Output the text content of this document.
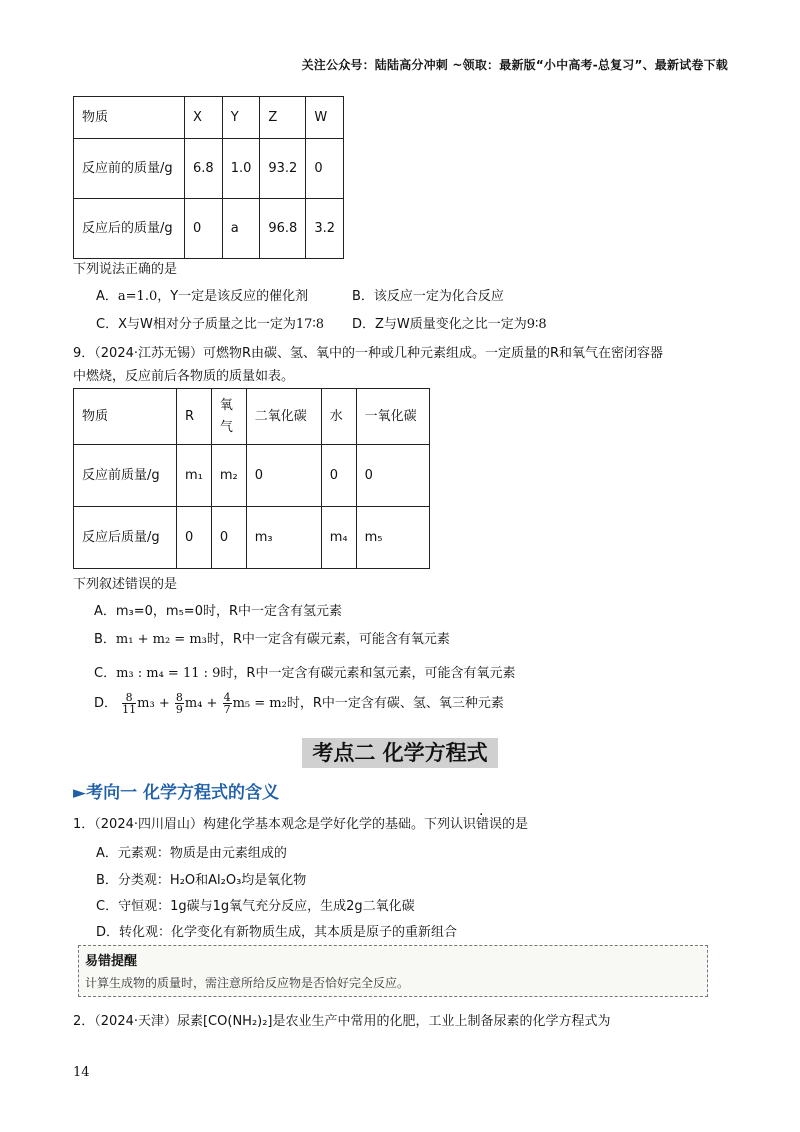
关注公众号：陆陆高分冲刺 ~领取：最新版“小中高考-总复习”、最新试卷下载
物质	X	Y	Z	W
反应前的质量/g	6.8	1.0	93.2	0
反应后的质量/g	0	a	96.8	3.2
下列说法正确的是
A．a=1.0，Y一定是该反应的催化剂	B．该反应一定为化合反应
C．X与W相对分子质量之比一定为17∶8 D．Z与W质量变化之比一定为9∶8
9．（2024·江苏无锡）可燃物R由碳、氢、氧中的一种或几种元素组成。一定质量的R和氧气在密闭容器
中燃烧，反应前后各物质的质量如表。
物质	R	氧气	二氧化碳	水	一氧化碳
反应前质量/g	m₁	m₂	0	0	0
反应后质量/g	0	0	m₃	m₄	m₅
下列叙述错误的是
A．m₃=0，m₅=0时，R中一定含有氢元素
B．m₁ + m₂ = m₃时，R中一定含有碳元素，可能含有氧元素
C．m₃ : m₄ = 11 : 9时，R中一定含有碳元素和氢元素，可能含有氧元素
D． $\frac{8}{11} m_3 + \frac{8}{9} m_4 + \frac{4}{7} m_5 = m_2$时，R中一定含有碳、氢、氧三种元素
考点二 化学方程式
►考向一 化学方程式的含义
1．（2024·四川眉山）构建化学基本观念是学好化学的基础。下列认识错误的是
A．元素观：物质是由元素组成的
B．分类观：H₂O和Al₂O₃均是氧化物
C．守恒观：1g碳与1g氧气充分反应，生成2g二氧化碳
D．转化观：化学变化有新物质生成，其本质是原子的重新组合
易错提醒
计算生成物的质量时，需注意所给反应物是否恰好完全反应。
2．（2024·天津）尿素[CO(NH₂)₂]是农业生产中常用的化肥，工业上制备尿素的化学方程式为
14
